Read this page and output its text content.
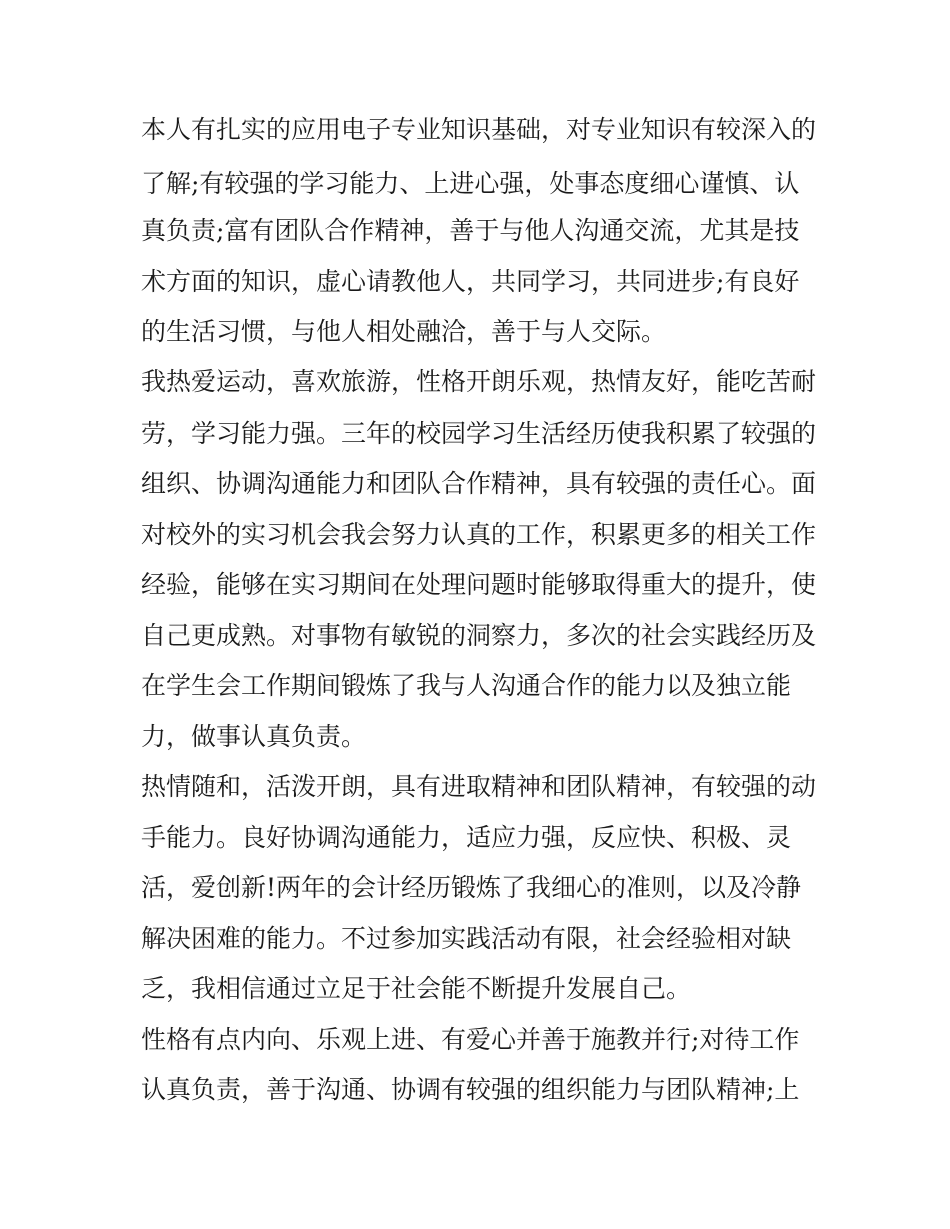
本人有扎实的应用电子专业知识基础，对专业知识有较深入的
了解;有较强的学习能力、上进心强，处事态度细心谨慎、认
真负责;富有团队合作精神，善于与他人沟通交流，尤其是技
术方面的知识，虚心请教他人，共同学习，共同进步;有良好
的生活习惯，与他人相处融洽，善于与人交际。
我热爱运动，喜欢旅游，性格开朗乐观，热情友好，能吃苦耐
劳，学习能力强。三年的校园学习生活经历使我积累了较强的
组织、协调沟通能力和团队合作精神，具有较强的责任心。面
对校外的实习机会我会努力认真的工作，积累更多的相关工作
经验，能够在实习期间在处理问题时能够取得重大的提升，使
自己更成熟。对事物有敏锐的洞察力，多次的社会实践经历及
在学生会工作期间锻炼了我与人沟通合作的能力以及独立能
力，做事认真负责。
热情随和，活泼开朗，具有进取精神和团队精神，有较强的动
手能力。良好协调沟通能力，适应力强，反应快、积极、灵
活，爱创新!两年的会计经历锻炼了我细心的准则，以及冷静
解决困难的能力。不过参加实践活动有限，社会经验相对缺
乏，我相信通过立足于社会能不断提升发展自己。
性格有点内向、乐观上进、有爱心并善于施教并行;对待工作
认真负责，善于沟通、协调有较强的组织能力与团队精神;上
